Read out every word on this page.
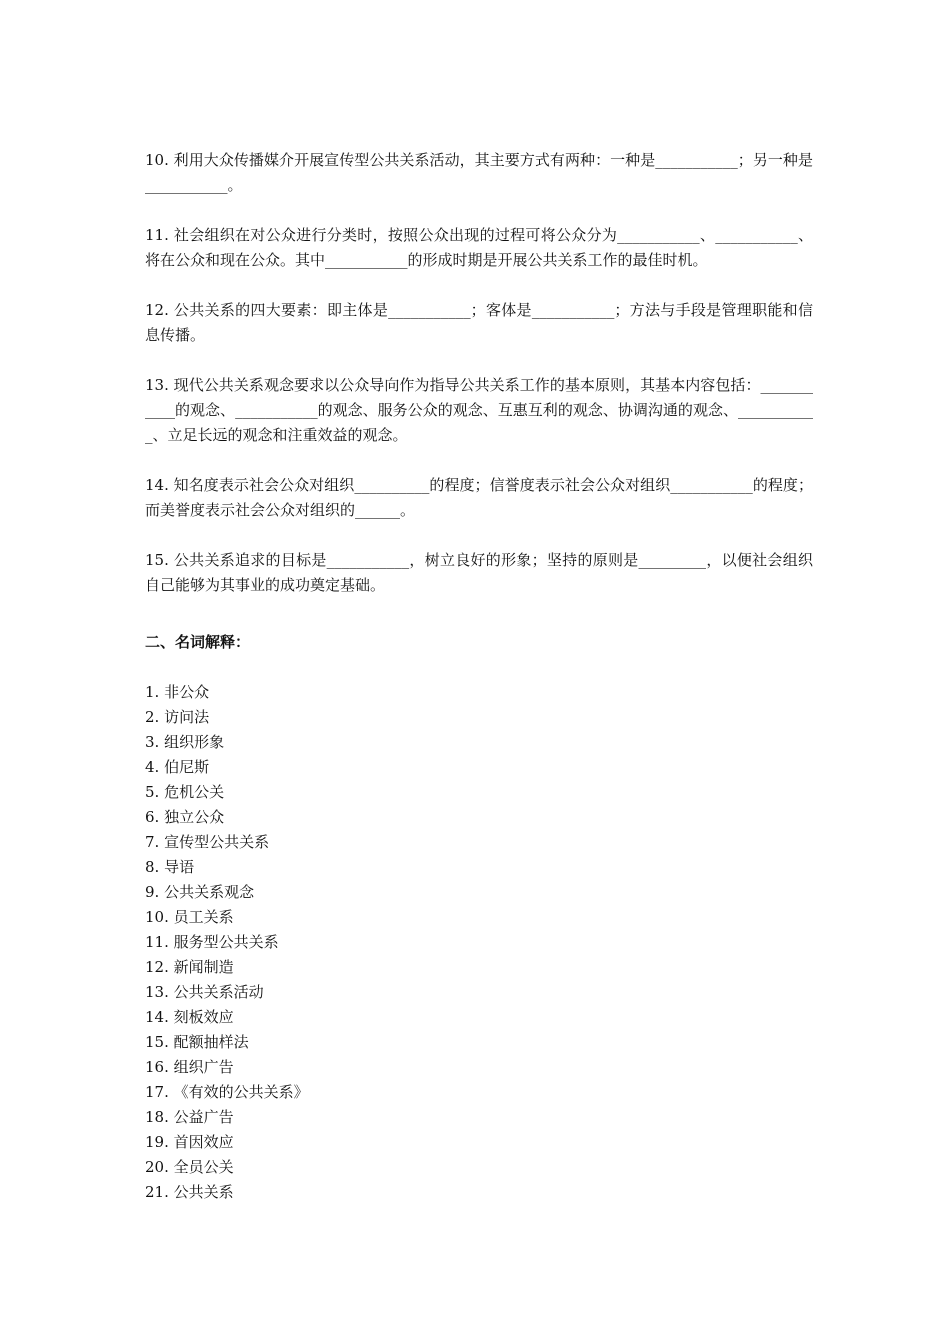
10. 利用大众传播媒介开展宣传型公共关系活动，其主要方式有两种：一种是___________；另一种是___________。

11. 社会组织在对公众进行分类时，按照公众出现的过程可将公众分为___________、___________、将在公众和现在公众。其中___________的形成时期是开展公共关系工作的最佳时机。

12. 公共关系的四大要素：即主体是___________；客体是___________；方法与手段是管理职能和信息传播。

13. 现代公共关系观念要求以公众导向作为指导公共关系工作的基本原则，其基本内容包括：___________的观念、___________的观念、服务公众的观念、互惠互利的观念、协调沟通的观念、___________、立足长远的观念和注重效益的观念。

14. 知名度表示社会公众对组织__________的程度；信誉度表示社会公众对组织___________的程度；而美誉度表示社会公众对组织的______。

15. 公共关系追求的目标是___________，树立良好的形象；坚持的原则是_________，以便社会组织自己能够为其事业的成功奠定基础。

二、名词解释：
1. 非公众
2. 访问法
3. 组织形象
4. 伯尼斯
5. 危机公关
6. 独立公众
7. 宣传型公共关系
8. 导语
9. 公共关系观念
10. 员工关系
11. 服务型公共关系
12. 新闻制造
13. 公共关系活动
14. 刻板效应
15. 配额抽样法
16. 组织广告
17. 《有效的公共关系》
18. 公益广告
19. 首因效应
20. 全员公关
21. 公共关系
